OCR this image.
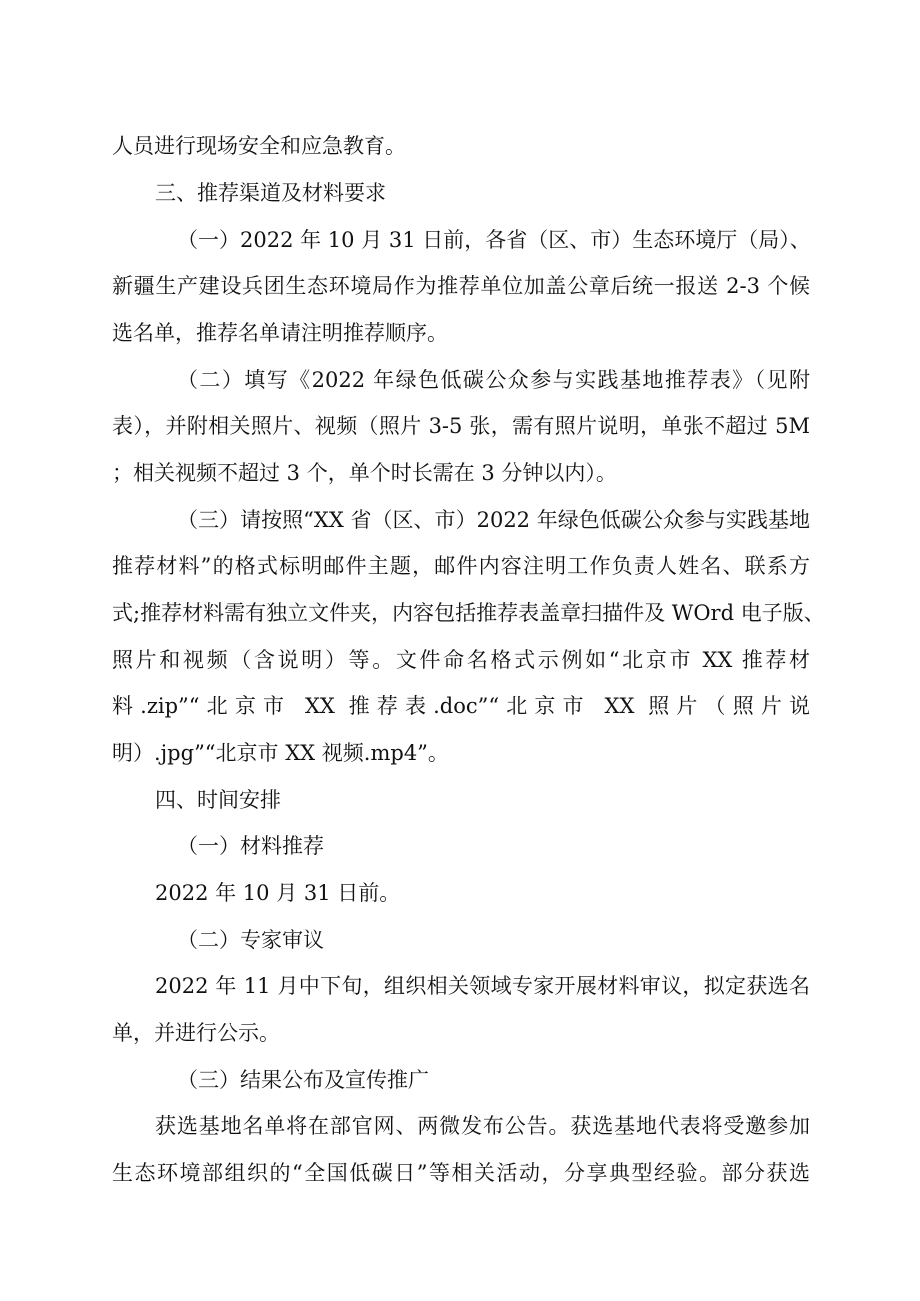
人员进行现场安全和应急教育。
三、推荐渠道及材料要求
（一）2022 年 10 月 31 日前，各省（区、市）生态环境厅（局）、
新疆生产建设兵团生态环境局作为推荐单位加盖公章后统一报送 2-3 个候
选名单，推荐名单请注明推荐顺序。
（二）填写《2022 年绿色低碳公众参与实践基地推荐表》（见附
表），并附相关照片、视频（照片 3-5 张，需有照片说明，单张不超过 5M
；相关视频不超过 3 个，单个时长需在 3 分钟以内）。
（三）请按照“XX 省（区、市）2022 年绿色低碳公众参与实践基地
推荐材料”的格式标明邮件主题，邮件内容注明工作负责人姓名、联系方
式;推荐材料需有独立文件夹，内容包括推荐表盖章扫描件及 WOrd 电子版、
照片和视频（含说明）等。文件命名格式示例如“北京市 XX 推荐材
料.zip”“北京市 XX 推荐表.doc”“北京市 XX 照片（照片说
明）.jpg”“北京市 XX 视频.mp4”。
四、时间安排
（一）材料推荐
2022 年 10 月 31 日前。
（二）专家审议
2022 年 11 月中下旬，组织相关领域专家开展材料审议，拟定获选名
单，并进行公示。
（三）结果公布及宣传推广
获选基地名单将在部官网、两微发布公告。获选基地代表将受邀参加
生态环境部组织的“全国低碳日”等相关活动，分享典型经验。部分获选
